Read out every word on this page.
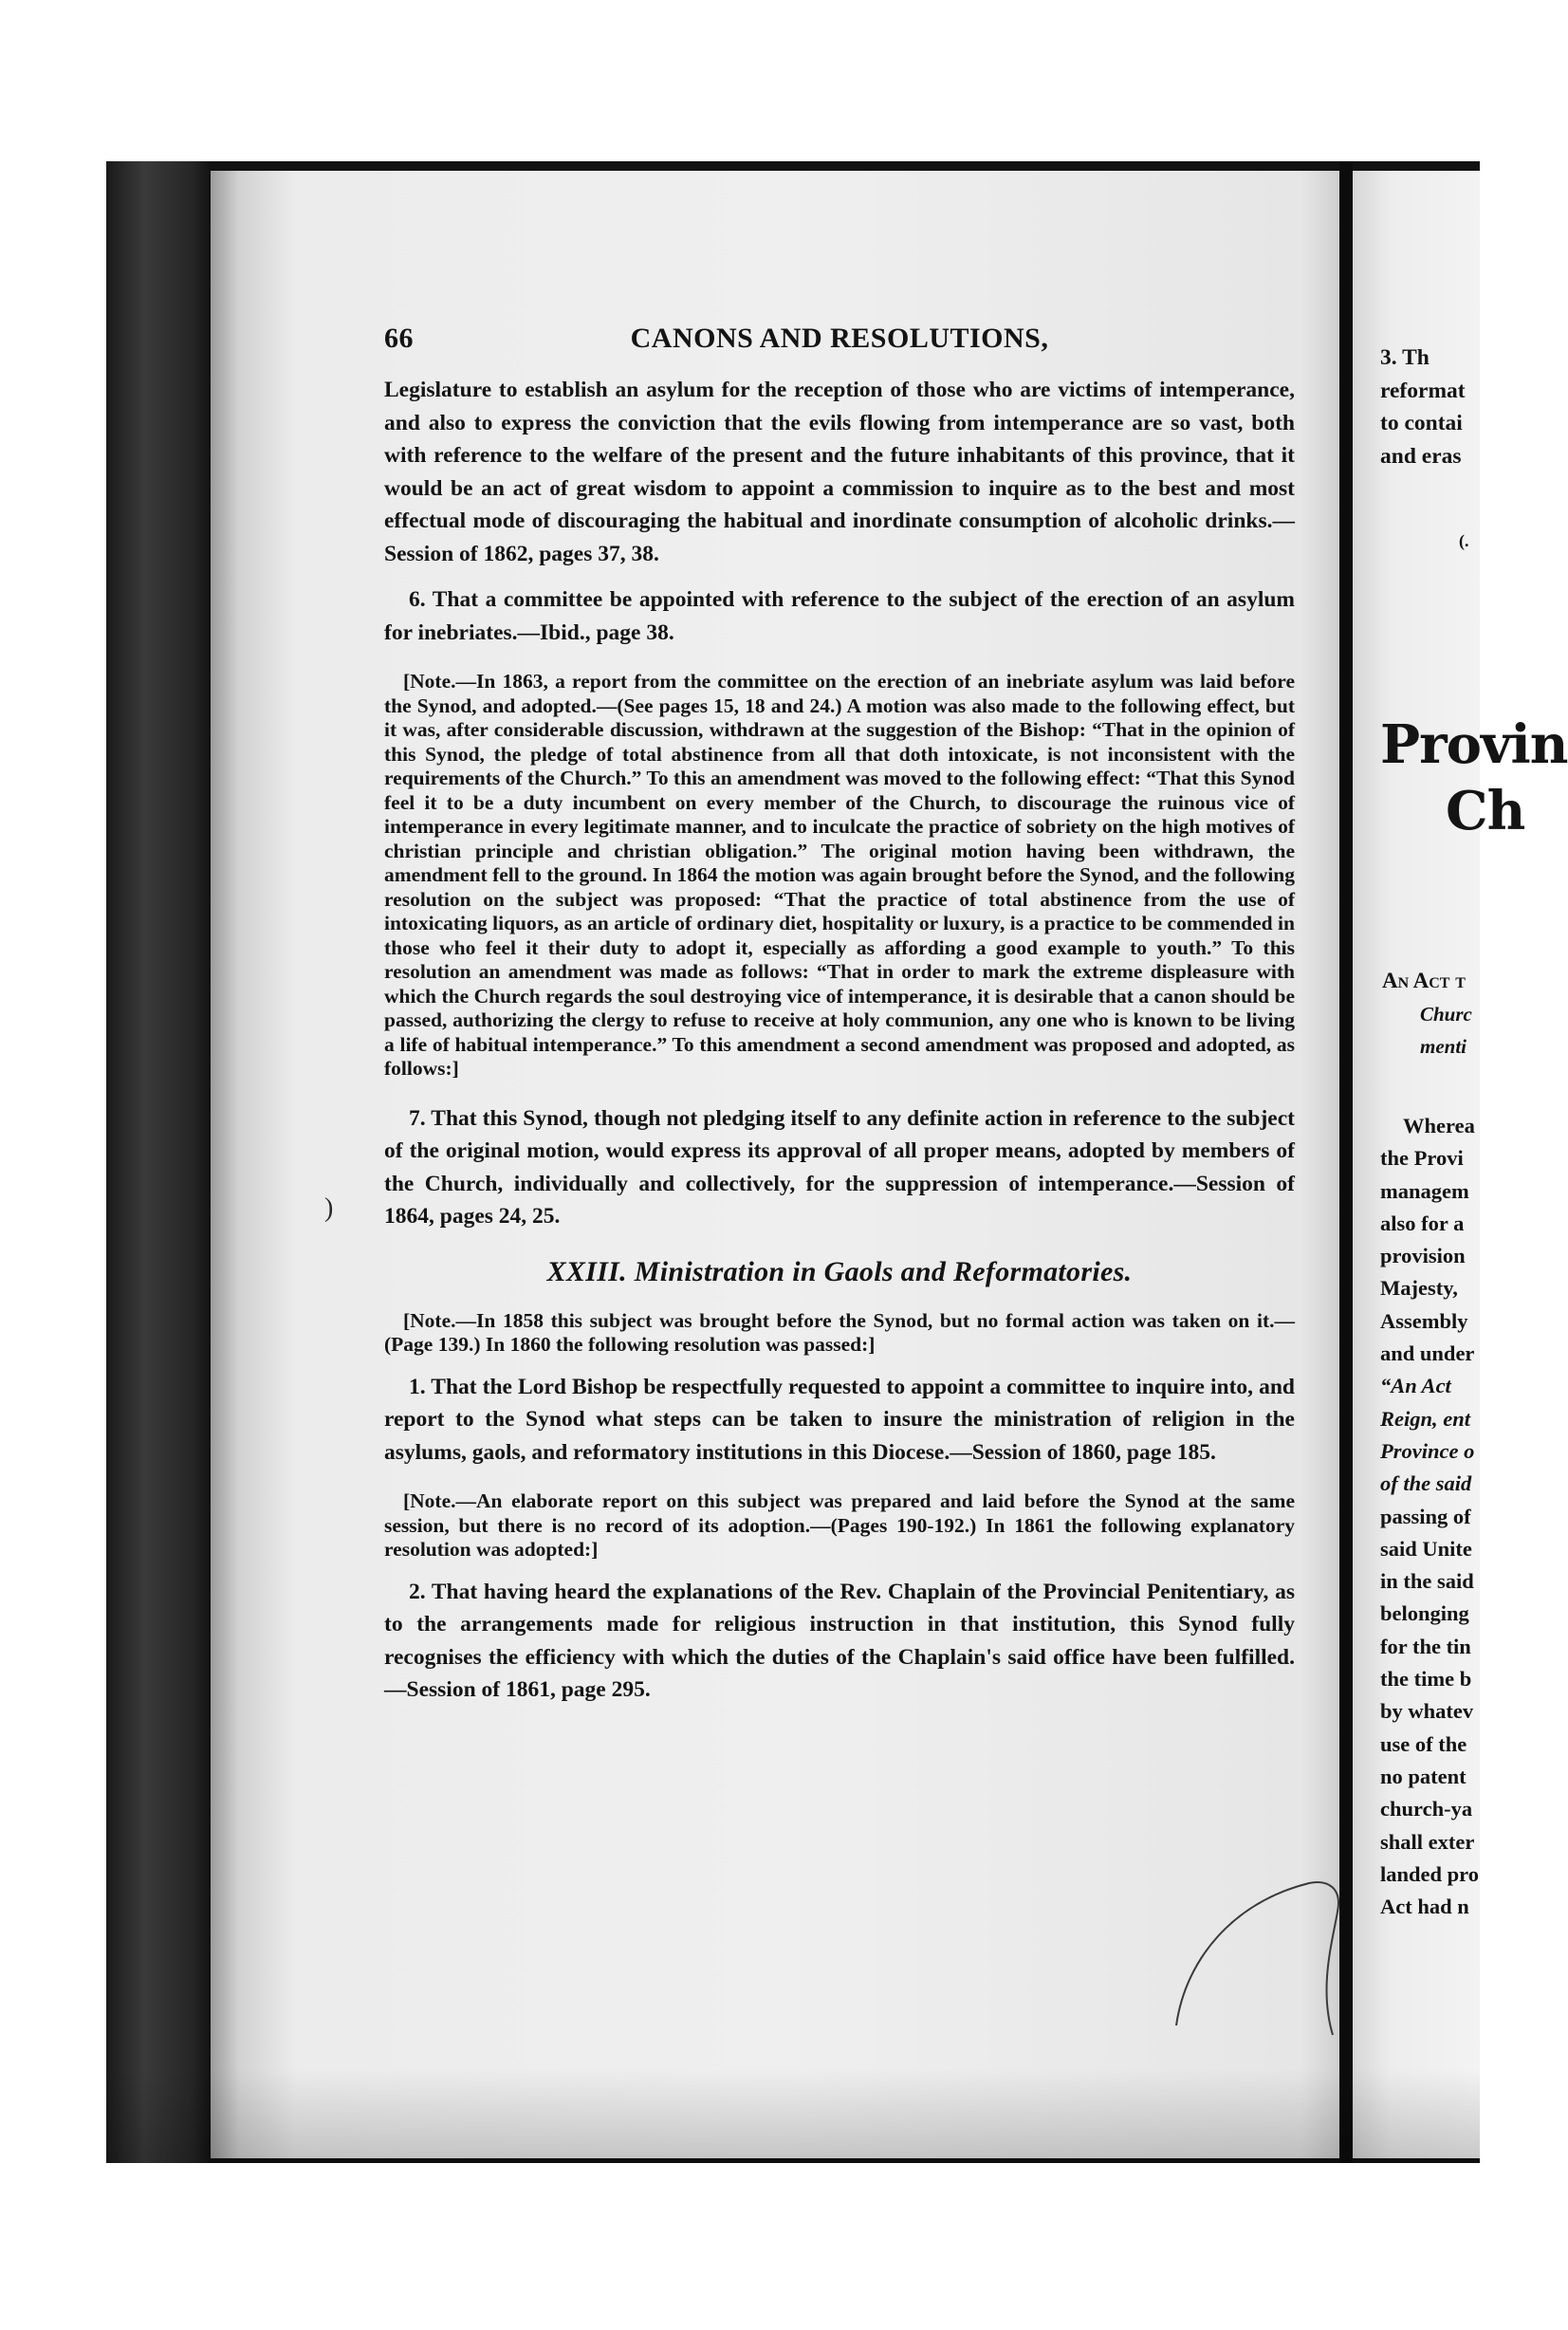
66	CANONS AND RESOLUTIONS,

Legislature to establish an asylum for the reception of those who are victims of intemperance, and also to express the conviction that the evils flowing from intemperance are so vast, both with reference to the welfare of the present and the future inhabitants of this province, that it would be an act of great wisdom to appoint a commission to inquire as to the best and most effectual mode of discouraging the habitual and inordinate consumption of alcoholic drinks.—Session of 1862, pages 37, 38.

6. That a committee be appointed with reference to the subject of the erection of an asylum for inebriates.—Ibid., page 38.

[Note.—In 1863, a report from the committee on the erection of an inebriate asylum was laid before the Synod, and adopted.—(See pages 15, 18 and 24.) A motion was also made to the following effect, but it was, after considerable discussion, withdrawn at the suggestion of the Bishop: “That in the opinion of this Synod, the pledge of total abstinence from all that doth intoxicate, is not inconsistent with the requirements of the Church.” To this an amendment was moved to the following effect: “That this Synod feel it to be a duty incumbent on every member of the Church, to discourage the ruinous vice of intemperance in every legitimate manner, and to inculcate the practice of sobriety on the high motives of christian principle and christian obligation.” The original motion having been withdrawn, the amendment fell to the ground. In 1864 the motion was again brought before the Synod, and the following resolution on the subject was proposed: “That the practice of total abstinence from the use of intoxicating liquors, as an article of ordinary diet, hospitality or luxury, is a practice to be commended in those who feel it their duty to adopt it, especially as affording a good example to youth.” To this resolution an amendment was made as follows: “That in order to mark the extreme displeasure with which the Church regards the soul destroying vice of intemperance, it is desirable that a canon should be passed, authorizing the clergy to refuse to receive at holy communion, any one who is known to be living a life of habitual intemperance.” To this amendment a second amendment was proposed and adopted, as follows:]

7. That this Synod, though not pledging itself to any definite action in reference to the subject of the original motion, would express its approval of all proper means, adopted by members of the Church, individually and collectively, for the suppression of intemperance.—Session of 1864, pages 24, 25.

XXIII. Ministration in Gaols and Reformatories.

[Note.—In 1858 this subject was brought before the Synod, but no formal action was taken on it.—(Page 139.) In 1860 the following resolution was passed:]

1. That the Lord Bishop be respectfully requested to appoint a committee to inquire into, and report to the Synod what steps can be taken to insure the ministration of religion in the asylums, gaols, and reformatory institutions in this Diocese.—Session of 1860, page 185.

[Note.—An elaborate report on this subject was prepared and laid before the Synod at the same session, but there is no record of its adoption.—(Pages 190-192.) In 1861 the following explanatory resolution was adopted:]

2. That having heard the explanations of the Rev. Chaplain of the Provincial Penitentiary, as to the arrangements made for religious instruction in that institution, this Synod fully recognises the efficiency with which the duties of the Chaplain's said office have been fulfilled.—Session of 1861, page 295.

3. Th
reformat
to contai
and eras
(.
Provin
Ch
An Act t
Churc
menti
Wherea
the Provi
managem
also for a
provision
Majesty,
Assembly
and under
“An Act
Reign, ent
Province o
of the said
passing of
said Unite
in the said
belonging
for the tin
the time b
by whatev
use of the
no patent
church-ya
shall exter
landed pro
Act had n
)
